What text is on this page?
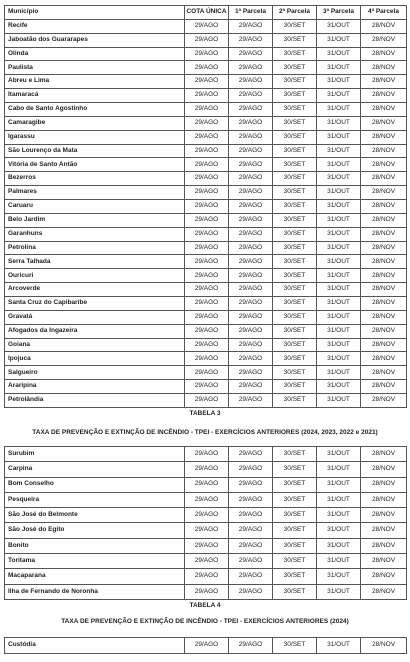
Município	COTA ÚNICA	1ª Parcela	2ª Parcela	3ª Parcela	4ª Parcela
Recife	29/AGO	29/AGO	30/SET	31/OUT	28/NOV
Jaboatão dos Guararapes	29/AGO	29/AGO	30/SET	31/OUT	28/NOV
Olinda	29/AGO	29/AGO	30/SET	31/OUT	28/NOV
Paulista	29/AGO	29/AGO	30/SET	31/OUT	28/NOV
Abreu e Lima	29/AGO	29/AGO	30/SET	31/OUT	28/NOV
Itamaracá	29/AGO	29/AGO	30/SET	31/OUT	28/NOV
Cabo de Santo Agostinho	29/AGO	29/AGO	30/SET	31/OUT	28/NOV
Camaragibe	29/AGO	29/AGO	30/SET	31/OUT	28/NOV
Igarassu	29/AGO	29/AGO	30/SET	31/OUT	28/NOV
São Lourenço da Mata	29/AGO	29/AGO	30/SET	31/OUT	28/NOV
Vitória de Santo Antão	29/AGO	29/AGO	30/SET	31/OUT	28/NOV
Bezerros	29/AGO	29/AGO	30/SET	31/OUT	28/NOV
Palmares	29/AGO	29/AGO	30/SET	31/OUT	28/NOV
Caruaru	29/AGO	29/AGO	30/SET	31/OUT	28/NOV
Belo Jardim	29/AGO	29/AGO	30/SET	31/OUT	28/NOV
Garanhuns	29/AGO	29/AGO	30/SET	31/OUT	28/NOV
Petrolina	29/AGO	29/AGO	30/SET	31/OUT	28/NOV
Serra Talhada	29/AGO	29/AGO	30/SET	31/OUT	28/NOV
Ouricuri	29/AGO	29/AGO	30/SET	31/OUT	28/NOV
Arcoverde	29/AGO	29/AGO	30/SET	31/OUT	28/NOV
Santa Cruz do Capibaribe	29/AGO	29/AGO	30/SET	31/OUT	28/NOV
Gravatá	29/AGO	29/AGO	30/SET	31/OUT	28/NOV
Afogados da Ingazeira	29/AGO	29/AGO	30/SET	31/OUT	28/NOV
Goiana	29/AGO	29/AGO	30/SET	31/OUT	28/NOV
Ipojuca	29/AGO	29/AGO	30/SET	31/OUT	28/NOV
Salgueiro	29/AGO	29/AGO	30/SET	31/OUT	28/NOV
Araripina	29/AGO	29/AGO	30/SET	31/OUT	28/NOV
Petrolândia	29/AGO	29/AGO	30/SET	31/OUT	28/NOV
TABELA 3
TAXA DE PREVENÇÃO E EXTINÇÃO DE INCÊNDIO - TPEI - EXERCÍCIOS ANTERIORES (2024, 2023, 2022 e 2021)
Surubim	29/AGO	29/AGO	30/SET	31/OUT	28/NOV
Carpina	29/AGO	29/AGO	30/SET	31/OUT	28/NOV
Bom Conselho	29/AGO	29/AGO	30/SET	31/OUT	28/NOV
Pesqueira	29/AGO	29/AGO	30/SET	31/OUT	28/NOV
São José do Belmonte	29/AGO	29/AGO	30/SET	31/OUT	28/NOV
São José do Egito	29/AGO	29/AGO	30/SET	31/OUT	28/NOV
Bonito	29/AGO	29/AGO	30/SET	31/OUT	28/NOV
Toritama	29/AGO	29/AGO	30/SET	31/OUT	28/NOV
Macaparana	29/AGO	29/AGO	30/SET	31/OUT	28/NOV
Ilha de Fernando de Noronha	29/AGO	29/AGO	30/SET	31/OUT	28/NOV
TABELA 4
TAXA DE PREVENÇÃO E EXTINÇÃO DE INCÊNDIO - TPEI - EXERCÍCIOS ANTERIORES (2024)
Custódia	29/AGO	29/AGO	30/SET	31/OUT	28/NOV
